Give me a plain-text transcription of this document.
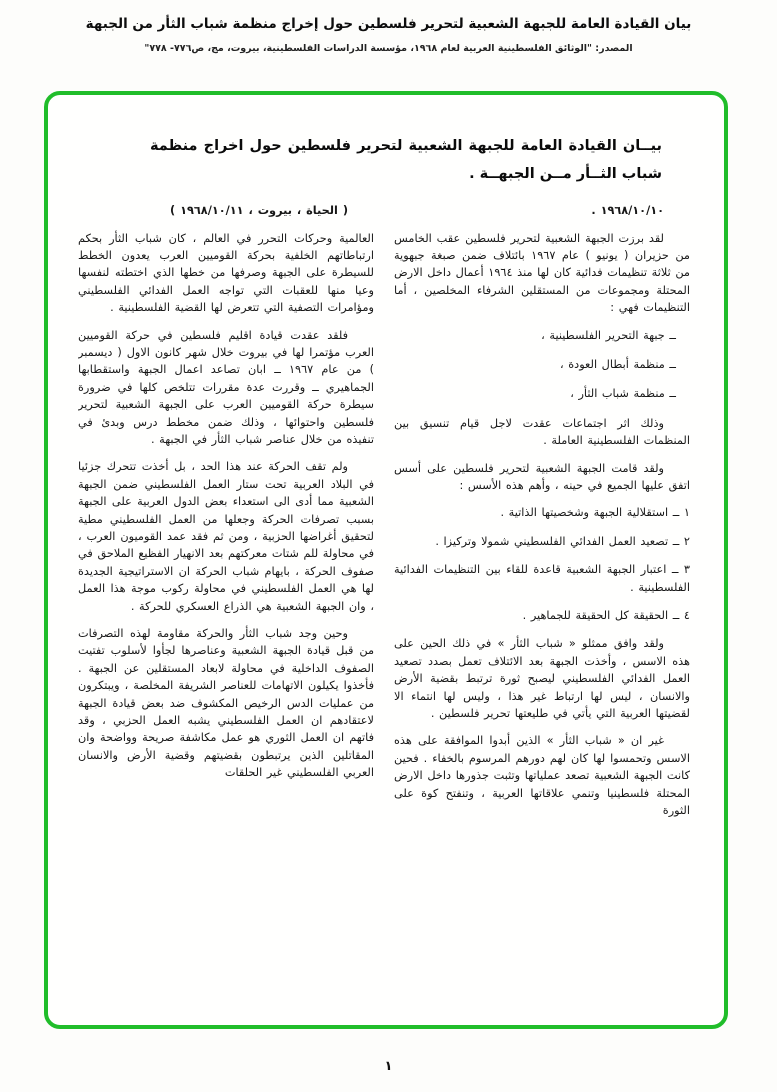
بيان القيادة العامة للجبهة الشعبية لتحرير فلسطين حول إخراج منظمة شباب الثأر من الجبهة
المصدر: "الوثائق الفلسطينية العربية لعام ١٩٦٨، مؤسسة الدراسات الفلسطينية، بيروت، مج، ص٧٧٦- ٧٧٨"
بيــان القيادة العامة للجبهة الشعبية لتحرير فلسطين حول اخراج منظمة شباب الثــأر مــن الجبهــة .

١٩٦٨/١٠/١٠ .

لقد برزت الجبهة الشعبية لتحرير فلسطين عقب الخامس من حزيران ( يونيو ) عام ١٩٦٧ بائتلاف ضمن صبغة جبهوية من ثلاثة تنظيمات فدائية كان لها منذ ١٩٦٤ أعمال داخل الارض المحتلة ومجموعات من المستقلين الشرفاء المخلصين ، أما التنظيمات فهي :

ــ جبهة التحرير الفلسطينية ،

ــ منظمة أبطال العودة ،

ــ منظمة شباب الثأر ،

وذلك اثر اجتماعات عقدت لاجل قيام تنسيق بين المنظمات الفلسطينية العاملة .

ولقد قامت الجبهة الشعبية لتحرير فلسطين على أسس اتفق عليها الجميع في حينه ، وأهم هذه الأسس :

١ ــ استقلالية الجبهة وشخصيتها الذاتية .

٢ ــ تصعيد العمل الفدائي الفلسطيني شمولا وتركيزا .

٣ ــ اعتبار الجبهة الشعبية قاعدة للقاء بين التنظيمات الفدائية الفلسطينية .

٤ ــ الحقيقة كل الحقيقة للجماهير .

ولقد وافق ممثلو « شباب الثأر » في ذلك الحين على هذه الاسس ، وأخذت الجبهة بعد الائتلاف تعمل بصدد تصعيد العمل الفدائي الفلسطيني ليصبح ثورة ترتبط بقضية الأرض والانسان ، ليس لها ارتباط غير هذا ، وليس لها انتماء الا لقضيتها العربية التي يأتي في طليعتها تحرير فلسطين .

غير ان « شباب الثأر » الذين أبدوا الموافقة على هذه الاسس وتحمسوا لها كان لهم دورهم المرسوم بالخفاء . فحين كانت الجبهة الشعبية تصعد عملياتها وتثبت جذورها داخل الارض المحتلة فلسطينيا وتنمي علاقاتها العربية ، وتنفتح كوة على الثورة

( الحياة ، بيروت ، ١٩٦٨/١٠/١١ )

العالمية وحركات التحرر في العالم ، كان شباب الثأر بحكم ارتباطاتهم الخلفية بحركة القوميين العرب يعدون الخطط للسيطرة على الجبهة وصرفها من خطها الذي اختطته لنفسها وعيا منها للعقبات التي تواجه العمل الفدائي الفلسطيني ومؤامرات التصفية التي تتعرض لها القضية الفلسطينية .

فلقد عقدت قيادة اقليم فلسطين في حركة القوميين العرب مؤتمرا لها في بيروت خلال شهر كانون الاول ( ديسمبر ) من عام ١٩٦٧ ــ ابان تصاعد اعمال الجبهة واستقطابها الجماهيري ــ وقررت عدة مقررات تتلخص كلها في ضرورة سيطرة حركة القوميين العرب على الجبهة الشعبية لتحرير فلسطين واحتوائها ، وذلك ضمن مخطط درس وبدئ في تنفيذه من خلال عناصر شباب الثأر في الجبهة .

ولم تقف الحركة عند هذا الحد ، بل أخذت تتحرك جزئيا في البلاد العربية تحت ستار العمل الفلسطيني ضمن الجبهة الشعبية مما أدى الى استعداء بعض الدول العربية على الجبهة بسبب تصرفات الحركة وجعلها من العمل الفلسطيني مطية لتحقيق أغراضها الحزبية ، ومن ثم فقد عمد القوميون العرب ، في محاولة للم شتات معركتهم بعد الانهيار الفظيع الملاحق في صفوف الحركة ، بايهام شباب الحركة ان الاستراتيجية الجديدة لها هي العمل الفلسطيني في محاولة ركوب موجة هذا العمل ، وان الجبهة الشعبية هي الذراع العسكري للحركة .

وحين وجد شباب الثأر والحركة مقاومة لهذه التصرفات من قبل قيادة الجبهة الشعبية وعناصرها لجأوا لأسلوب تفتيت الصفوف الداخلية في محاولة لابعاد المستقلين عن الجبهة . فأخذوا يكيلون الاتهامات للعناصر الشريفة المخلصة ، ويبتكرون من عمليات الدس الرخيص المكشوف ضد بعض قيادة الجبهة لاعتقادهم ان العمل الفلسطيني يشبه العمل الحزبي ، وقد فاتهم ان العمل الثوري هو عمل مكاشفة صريحة وواضحة وان المقاتلين الذين يرتبطون بقضيتهم وقضية الأرض والانسان العربي الفلسطيني غير الحلقات

١
